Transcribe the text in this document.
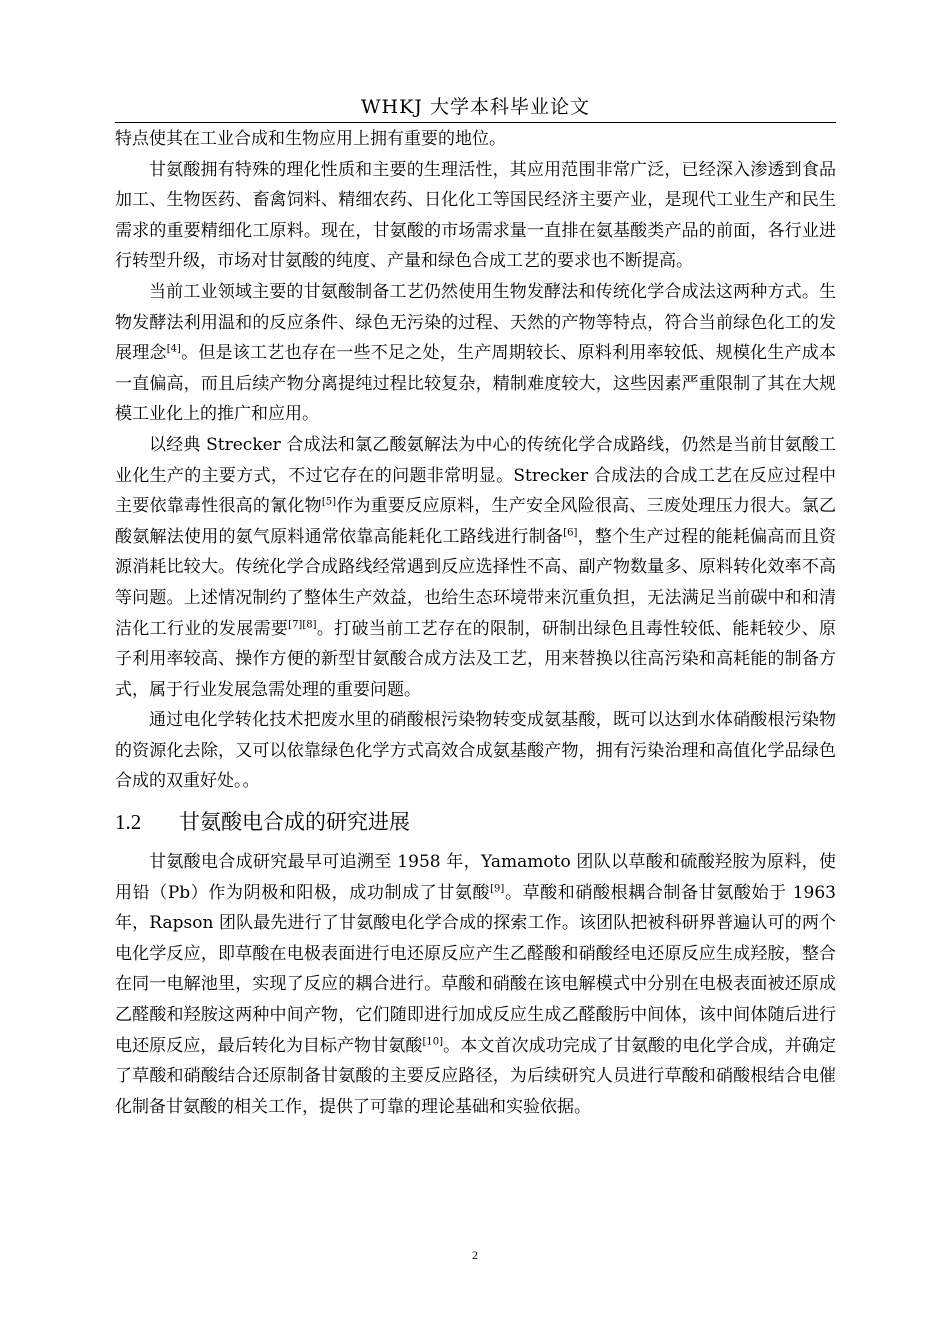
WHKJ 大学本科毕业论文

特点使其在工业合成和生物应用上拥有重要的地位。

甘氨酸拥有特殊的理化性质和主要的生理活性，其应用范围非常广泛，已经深入渗透到食品加工、生物医药、畜禽饲料、精细农药、日化化工等国民经济主要产业，是现代工业生产和民生需求的重要精细化工原料。现在，甘氨酸的市场需求量一直排在氨基酸类产品的前面，各行业进行转型升级，市场对甘氨酸的纯度、产量和绿色合成工艺的要求也不断提高。

当前工业领域主要的甘氨酸制备工艺仍然使用生物发酵法和传统化学合成法这两种方式。生物发酵法利用温和的反应条件、绿色无污染的过程、天然的产物等特点，符合当前绿色化工的发展理念[4]。但是该工艺也存在一些不足之处，生产周期较长、原料利用率较低、规模化生产成本一直偏高，而且后续产物分离提纯过程比较复杂，精制难度较大，这些因素严重限制了其在大规模工业化上的推广和应用。

以经典 Strecker 合成法和氯乙酸氨解法为中心的传统化学合成路线，仍然是当前甘氨酸工业化生产的主要方式，不过它存在的问题非常明显。Strecker 合成法的合成工艺在反应过程中主要依靠毒性很高的氰化物[5]作为重要反应原料，生产安全风险很高、三废处理压力很大。氯乙酸氨解法使用的氨气原料通常依靠高能耗化工路线进行制备[6]，整个生产过程的能耗偏高而且资源消耗比较大。传统化学合成路线经常遇到反应选择性不高、副产物数量多、原料转化效率不高等问题。上述情况制约了整体生产效益，也给生态环境带来沉重负担，无法满足当前碳中和和清洁化工行业的发展需要[7][8]。打破当前工艺存在的限制，研制出绿色且毒性较低、能耗较少、原子利用率较高、操作方便的新型甘氨酸合成方法及工艺，用来替换以往高污染和高耗能的制备方式，属于行业发展急需处理的重要问题。

通过电化学转化技术把废水里的硝酸根污染物转变成氨基酸，既可以达到水体硝酸根污染物的资源化去除，又可以依靠绿色化学方式高效合成氨基酸产物，拥有污染治理和高值化学品绿色合成的双重好处。。

1.2 甘氨酸电合成的研究进展

甘氨酸电合成研究最早可追溯至 1958 年，Yamamoto 团队以草酸和硫酸羟胺为原料，使用铅（Pb）作为阴极和阳极，成功制成了甘氨酸[9]。草酸和硝酸根耦合制备甘氨酸始于 1963 年，Rapson 团队最先进行了甘氨酸电化学合成的探索工作。该团队把被科研界普遍认可的两个电化学反应，即草酸在电极表面进行电还原反应产生乙醛酸和硝酸经电还原反应生成羟胺，整合在同一电解池里，实现了反应的耦合进行。草酸和硝酸在该电解模式中分别在电极表面被还原成乙醛酸和羟胺这两种中间产物，它们随即进行加成反应生成乙醛酸肟中间体，该中间体随后进行电还原反应，最后转化为目标产物甘氨酸[10]。本文首次成功完成了甘氨酸的电化学合成，并确定了草酸和硝酸结合还原制备甘氨酸的主要反应路径，为后续研究人员进行草酸和硝酸根结合电催化制备甘氨酸的相关工作，提供了可靠的理论基础和实验依据。

2
